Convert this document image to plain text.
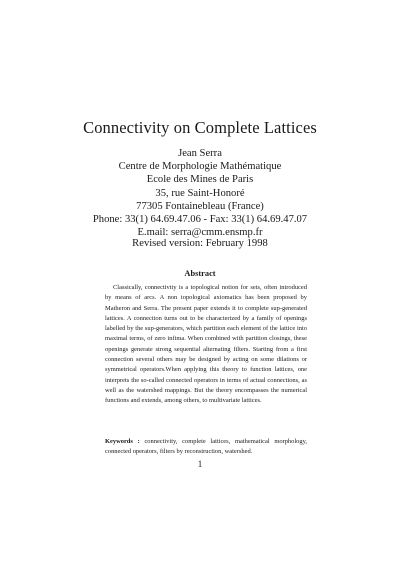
Connectivity on Complete Lattices
Jean Serra
Centre de Morphologie Mathématique
Ecole des Mines de Paris
35, rue Saint-Honoré
77305 Fontainebleau (France)
Phone: 33(1) 64.69.47.06 - Fax: 33(1) 64.69.47.07
E.mail: serra@cmm.ensmp.fr
Revised version: February 1998
Abstract

Classically, connectivity is a topological notion for sets, often introduced by means of arcs. A non topological axiomatics has been proposed by Matheron and Serra. The present paper extends it to complete sup-generated lattices. A connection turns out to be characterized by a family of openings labelled by the sup-generators, which partition each element of the lattice into maximal terms, of zero infima. When combined with partition closings, these openings generate strong sequential alternating filters. Starting from a first connection several others may be designed by acting on some dilations or symmetrical operators.When applying this theory to function lattices, one interprets the so-called connected operators in terms of actual connections, as well as the watershed mappings. But the theory encompasses the numerical functions and extends, among others, to multivariate lattices.

Keywords : connectivity, complete lattices, mathematical morphology, connected operators, filters by reconstruction, watershed.

1
